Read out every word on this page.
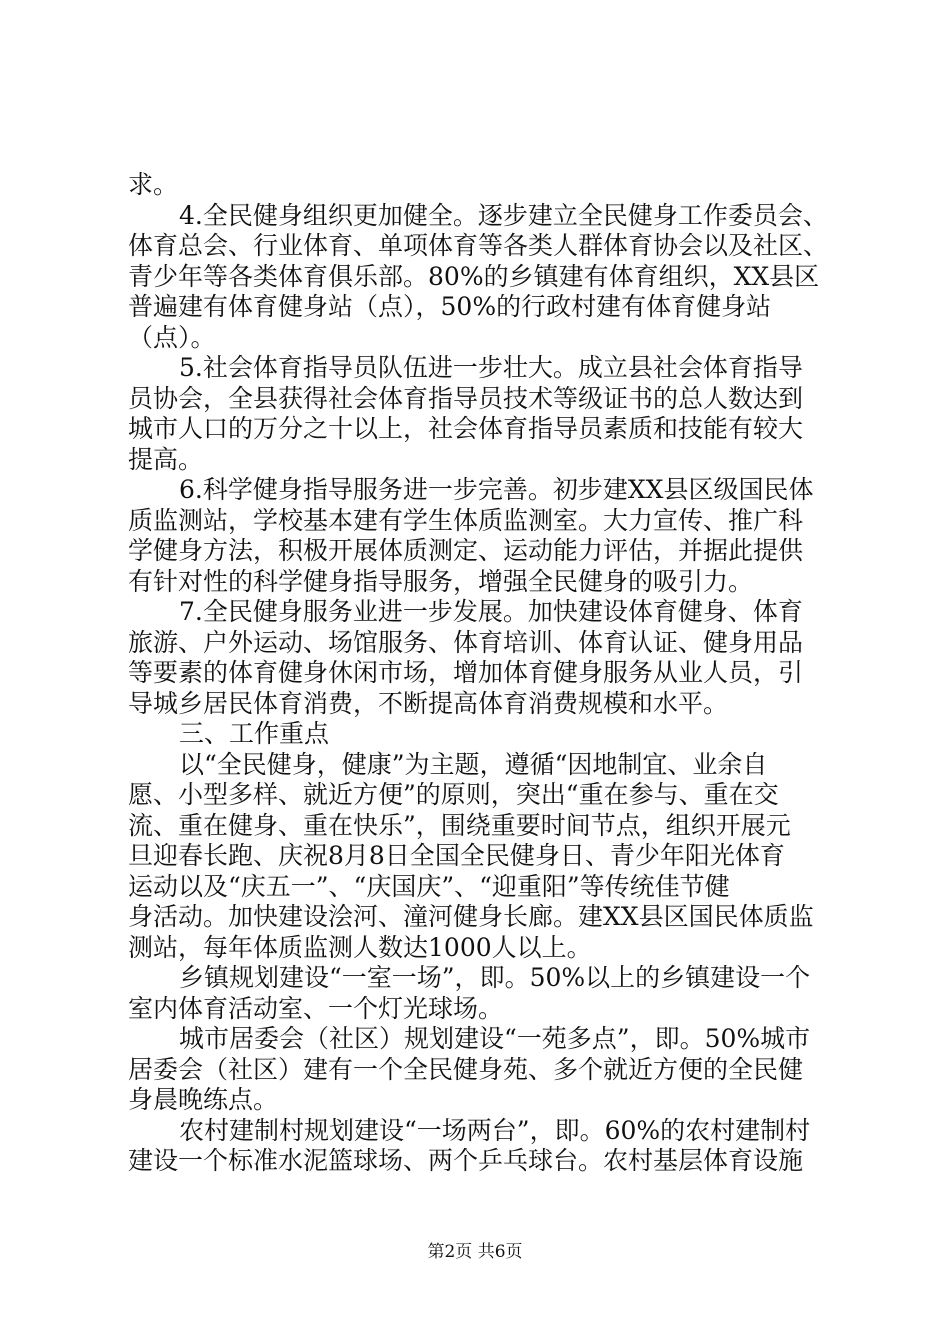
求。
4.全民健身组织更加健全。逐步建立全民健身工作委员会、
体育总会、行业体育、单项体育等各类人群体育协会以及社区、
青少年等各类体育俱乐部。80%的乡镇建有体育组织，XX县区
普遍建有体育健身站（点），50%的行政村建有体育健身站
（点）。
5.社会体育指导员队伍进一步壮大。成立县社会体育指导
员协会，全县获得社会体育指导员技术等级证书的总人数达到
城市人口的万分之十以上，社会体育指导员素质和技能有较大
提高。
6.科学健身指导服务进一步完善。初步建XX县区级国民体
质监测站，学校基本建有学生体质监测室。大力宣传、推广科
学健身方法，积极开展体质测定、运动能力评估，并据此提供
有针对性的科学健身指导服务，增强全民健身的吸引力。
7.全民健身服务业进一步发展。加快建设体育健身、体育
旅游、户外运动、场馆服务、体育培训、体育认证、健身用品
等要素的体育健身休闲市场，增加体育健身服务从业人员，引
导城乡居民体育消费，不断提高体育消费规模和水平。
三、工作重点
以“全民健身，健康”为主题，遵循“因地制宜、业余自
愿、小型多样、就近方便”的原则，突出“重在参与、重在交
流、重在健身、重在快乐”，围绕重要时间节点，组织开展元
旦迎春长跑、庆祝8月8日全国全民健身日、青少年阳光体育
运动以及“庆五一”、“庆国庆”、“迎重阳”等传统佳节健
身活动。加快建设浍河、潼河健身长廊。建XX县区国民体质监
测站，每年体质监测人数达1000人以上。
乡镇规划建设“一室一场”，即。50%以上的乡镇建设一个
室内体育活动室、一个灯光球场。
城市居委会（社区）规划建设“一苑多点”，即。50%城市
居委会（社区）建有一个全民健身苑、多个就近方便的全民健
身晨晚练点。
农村建制村规划建设“一场两台”，即。60%的农村建制村
建设一个标准水泥篮球场、两个乒乓球台。农村基层体育设施
第2页 共6页
